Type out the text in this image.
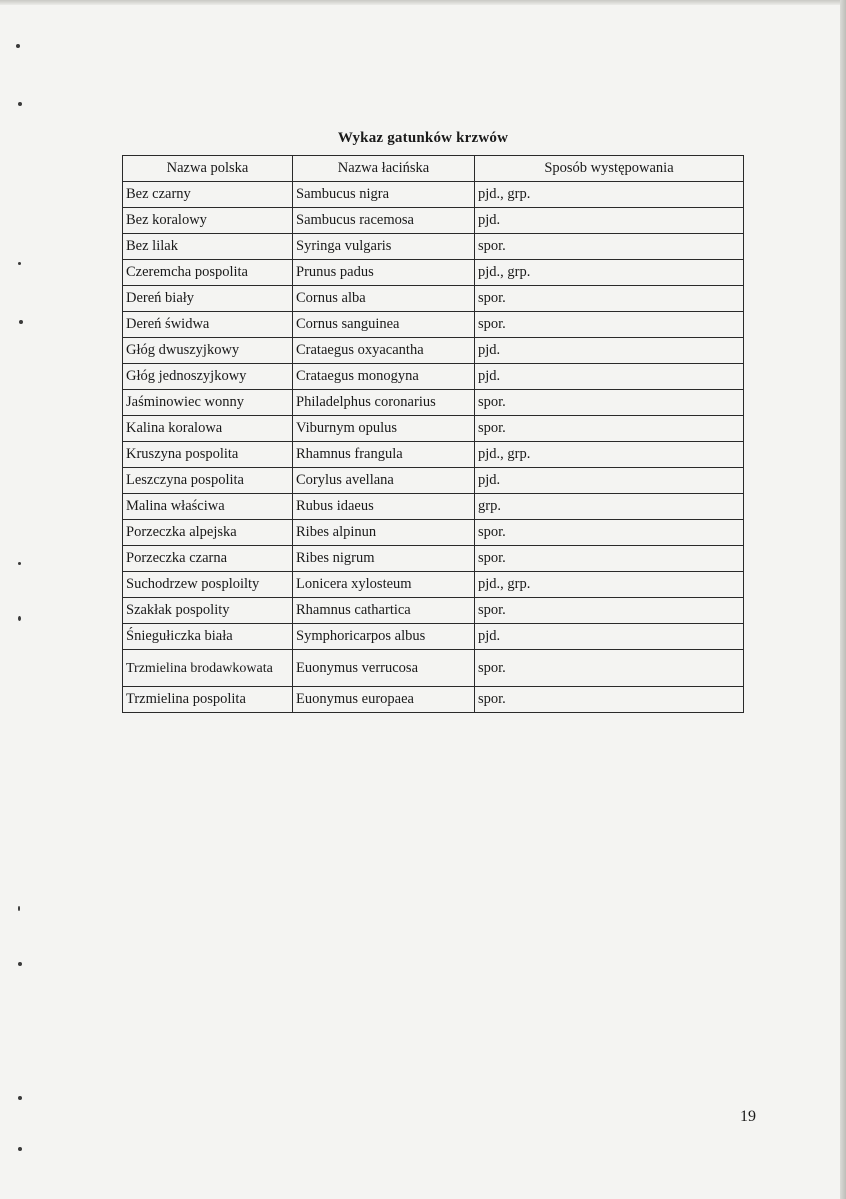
Wykaz gatunków krzwów
Nazwa polska	Nazwa łacińska	Sposób występowania
Bez czarny	Sambucus nigra	pjd., grp.
Bez koralowy	Sambucus racemosa	pjd.
Bez lilak	Syringa vulgaris	spor.
Czeremcha pospolita	Prunus padus	pjd., grp.
Dereń biały	Cornus alba	spor.
Dereń świdwa	Cornus sanguinea	spor.
Głóg dwuszyjkowy	Crataegus oxyacantha	pjd.
Głóg jednoszyjkowy	Crataegus monogyna	pjd.
Jaśminowiec wonny	Philadelphus coronarius	spor.
Kalina koralowa	Viburnym opulus	spor.
Kruszyna pospolita	Rhamnus frangula	pjd., grp.
Leszczyna pospolita	Corylus avellana	pjd.
Malina właściwa	Rubus idaeus	grp.
Porzeczka alpejska	Ribes alpinun	spor.
Porzeczka czarna	Ribes nigrum	spor.
Suchodrzew posploilty	Lonicera xylosteum	pjd., grp.
Szakłak pospolity	Rhamnus cathartica	spor.
Śniegułiczka biała	Symphoricarpos albus	pjd.
Trzmielina brodawkowata	Euonymus verrucosa	spor.
Trzmielina pospolita	Euonymus europaea	spor.
19
